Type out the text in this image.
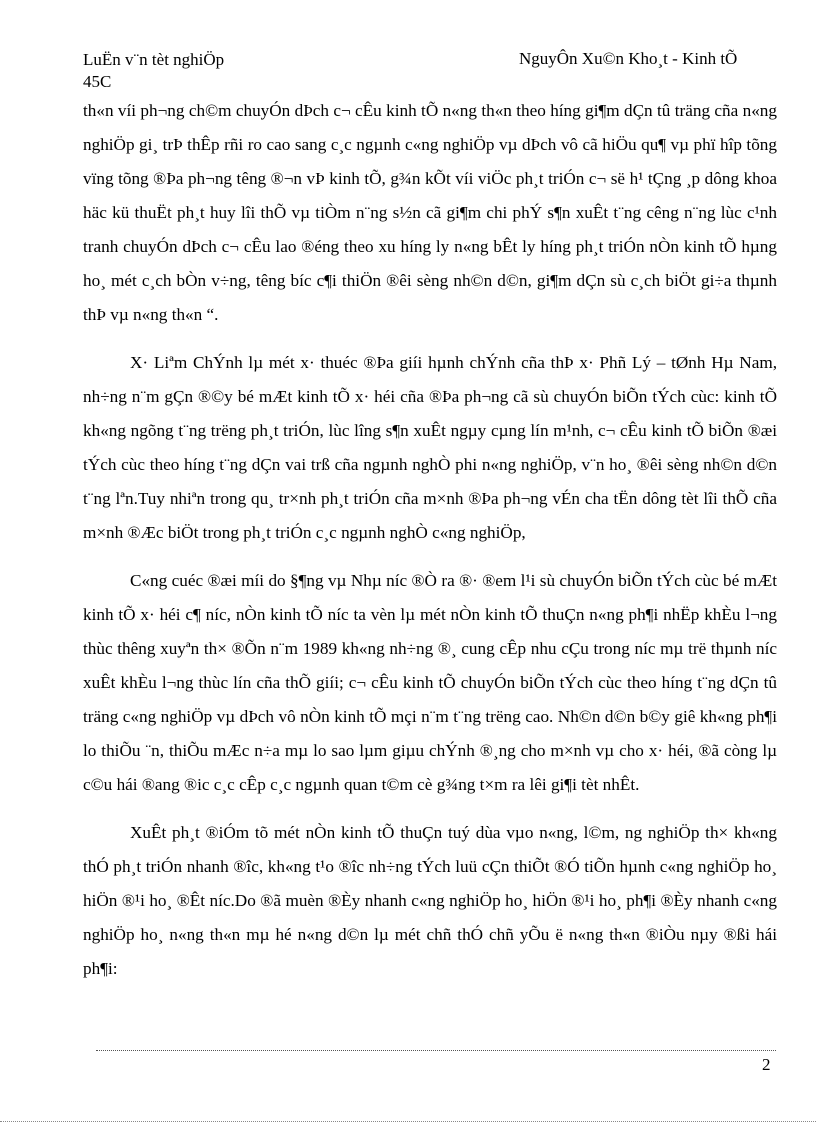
LuËn v¨n tèt nghiÖp
45C
NguyÔn Xu©n Kho¸t - Kinh tÕ

th«n víi ph¬ng ch©m chuyÓn dÞch c¬ cÊu kinh tÕ n«ng th«n theo híng gi¶m dÇn tû träng cña n«ng nghiÖp gi¸ trÞ thÊp rñi ro cao sang c¸c ngµnh c«ng nghiÖp vµ dÞch vô cã hiÖu qu¶ vµ phï hîp tõng vïng tõng ®Þa ph¬ng têng ®¬n vÞ kinh tÕ, g¾n kÕt víi viÖc ph¸t triÓn c¬ së h¹ tÇng ¸p dông khoa häc kü thuËt ph¸t huy lîi thÕ vµ tiÒm n¨ng s½n cã gi¶m chi phÝ s¶n xuÊt t¨ng cêng n¨ng lùc c¹nh tranh chuyÓn dÞch c¬ cÊu lao ®éng theo xu híng ly n«ng bÊt ly híng ph¸t triÓn nÒn kinh tÕ hµng ho¸ mét c¸ch bÒn v÷ng, têng bíc c¶i thiÖn ®êi sèng nh©n d©n, gi¶m dÇn sù c¸ch biÖt gi÷a thµnh thÞ vµ n«ng th«n “.

X· Liªm ChÝnh lµ mét x· thuéc ®Þa giíi hµnh chÝnh cña thÞ x· Phñ Lý – tØnh Hµ Nam, nh÷ng n¨m gÇn ®©y bé mÆt kinh tÕ x· héi cña ®Þa ph¬ng cã sù chuyÓn biÕn tÝch cùc: kinh tÕ kh«ng ngõng t¨ng trëng ph¸t triÓn, lùc lîng s¶n xuÊt ngµy cµng lín m¹nh, c¬ cÊu kinh tÕ biÕn ®æi tÝch cùc theo híng t¨ng dÇn vai trß cña ngµnh nghÒ phi n«ng nghiÖp, v¨n ho¸ ®êi sèng nh©n d©n t¨ng lªn.Tuy nhiªn trong qu¸ tr×nh ph¸t triÓn cña m×nh ®Þa ph¬ng vÉn cha tËn dông tèt lîi thÕ cña m×nh ®Æc biÖt trong ph¸t triÓn c¸c ngµnh nghÒ c«ng nghiÖp,

C«ng cuéc ®æi míi do §¶ng vµ Nhµ níc ®Ò ra ®· ®em l¹i sù chuyÓn biÕn tÝch cùc bé mÆt kinh tÕ x· héi c¶ níc, nÒn kinh tÕ níc ta vèn lµ mét nÒn kinh tÕ thuÇn n«ng ph¶i nhËp khÈu l¬ng thùc thêng xuyªn th× ®Õn n¨m 1989 kh«ng nh÷ng ®¸ cung cÊp nhu cÇu trong níc mµ trë thµnh níc xuÊt khÈu l¬ng thùc lín cña thÕ giíi; c¬ cÊu kinh tÕ chuyÓn biÕn tÝch cùc theo híng t¨ng dÇn tû träng c«ng nghiÖp vµ dÞch vô nÒn kinh tÕ mçi n¨m t¨ng trëng cao. Nh©n d©n b©y giê kh«ng ph¶i lo thiÕu ¨n, thiÕu mÆc n÷a mµ lo sao lµm giµu chÝnh ®¸ng cho m×nh vµ cho x· héi, ®ã còng lµ c©u hái ®ang ®ic c¸c cÊp c¸c ngµnh quan t©m cè g¾ng t×m ra lêi gi¶i tèt nhÊt.

XuÊt ph¸t ®iÓm tõ mét nÒn kinh tÕ thuÇn tuý dùa vµo n«ng, l©m, ng nghiÖp th× kh«ng thÓ ph¸t triÓn nhanh ®îc, kh«ng t¹o ®îc nh÷ng tÝch luü cÇn thiÕt ®Ó tiÕn hµnh c«ng nghiÖp ho¸ hiÖn ®¹i ho¸ ®Êt níc.Do ®ã muèn ®Èy nhanh c«ng nghiÖp ho¸ hiÖn ®¹i ho¸ ph¶i ®Èy nhanh c«ng nghiÖp ho¸ n«ng th«n mµ hé n«ng d©n lµ mét chñ thÓ chñ yÕu ë n«ng th«n ®iÒu nµy ®ßi hái ph¶i:

2
